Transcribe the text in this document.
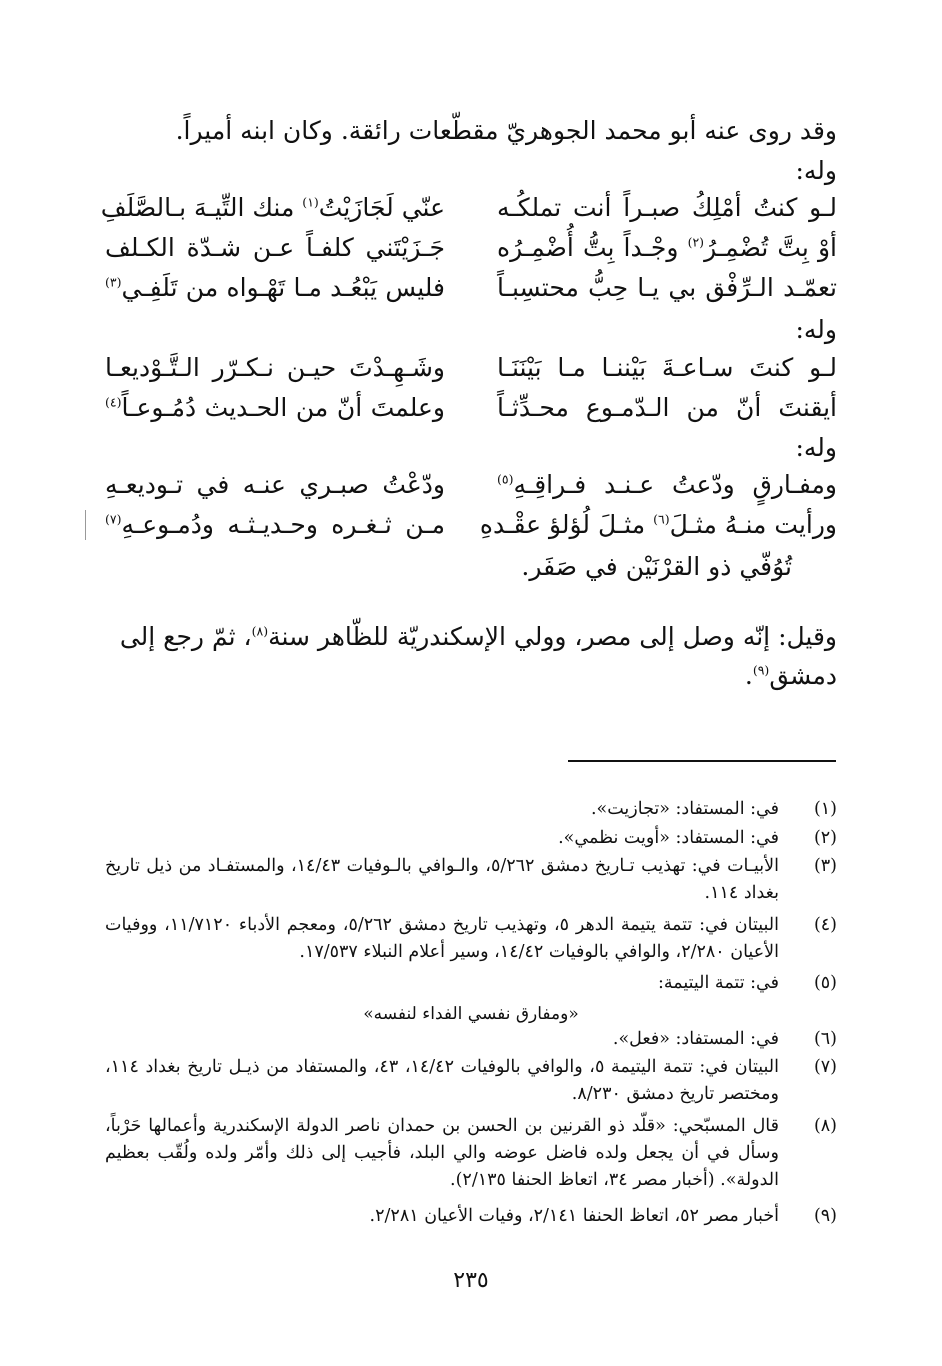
وقد روى عنه أبو محمد الجوهريّ مقطّعات رائقة. وكان ابنه أميراً.
وله:
لـو كنتُ أمْلِكُ صبـراً أنت تملكُـه
عنّي لَجَازَيْتُ$^{(١)}$ منك التِّيـهَ بـالصَّلَفِ
أوْ بِتَّ تُضْمِـرُ$^{(٢)}$ وجْـداً بِتُّ أُضْمِـرُه
جَـزَيْتَني كلفـاً عـن شـدّة الكـلف
تعمّـد الـرِّفْق بي يـا حِبُّ محتسِبـاً
فليس يَبْعُـد مـا تَهْـواه من تَلَفِـي$^{(٣)}$
وله:
لـو كنتَ سـاعـةَ بَيْننـا مـا بَيْنَنَـا
وشَـهِـدْتَ حيـن نـكـرّر الـتَّـوْديعـا
أيقنتَ أنّ من الـدّمـوع محـدِّثـاً
وعلمتَ أنّ من الحـديث دُمُـوعـاً$^{(٤)}$
وله:
ومفـارقٍ ودّعتُ عـنـد فـراقِـهِ$^{(٥)}$
ودّعْتُ صبـري عنـه في تـوديعـهِ
ورأيت منـهُ مثـلَ$^{(٦)}$ مثـلَ لُؤلؤ عقْـدهِ
مـن ثـغـره وحـديـثـه ودُمـوعـهِ$^{(٧)}$
تُوُفّي ذو القرْنَيْن في صَفَر.
وقيل: إنّه وصل إلى مصر، وولي الإسكندريّة للظّاهر سنة$^{(٨)}$، ثمّ رجع إلى
دمشق$^{(٩)}$.
(١)
في: المستفاد: «تجازيت».
(٢)
في: المستفاد: «أويت نظمي».
(٣)
الأبيـات في: تهذيب تـاريخ دمشق ٥/٢٦٢، والـوافي بالـوفيات ١٤/٤٣، والمستفـاد من ذيل تاريخ بغداد ١١٤.
(٤)
البيتان في: تتمة يتيمة الدهر ٥، وتهذيب تاريخ دمشق ٥/٢٦٢، ومعجم الأدباء ١١/٧١٢٠، ووفيات الأعيان ٢/٢٨٠، والوافي بالوفيات ١٤/٤٢، وسير أعلام النبلاء ١٧/٥٣٧.
(٥)
في: تتمة اليتيمة:
«ومفارق نفسي الفداء لنفسه»
(٦)
في: المستفاد: «فعل».
(٧)
البيتان في: تتمة اليتيمة ٥، والوافي بالوفيات ١٤/٤٢، ٤٣، والمستفاد من ذيـل تاريخ بغداد ١١٤، ومختصر تاريخ دمشق ٨/٢٣٠.
(٨)
قال المسبّحي: «قلّد ذو القرنين بن الحسن بن حمدان ناصر الدولة الإسكندرية وأعمالها حَرْباً، وسأل في أن يجعل ولده فاضل عوضه والي البلد، فأجيب إلى ذلك وأمّر ولده ولُقّب بعظيم الدولة». (أخبار مصر ٣٤، اتعاظ الحنفا ٢/١٣٥).
(٩)
أخبار مصر ٥٢، اتعاظ الحنفا ٢/١٤١، وفيات الأعيان ٢/٢٨١.
٢٣٥
